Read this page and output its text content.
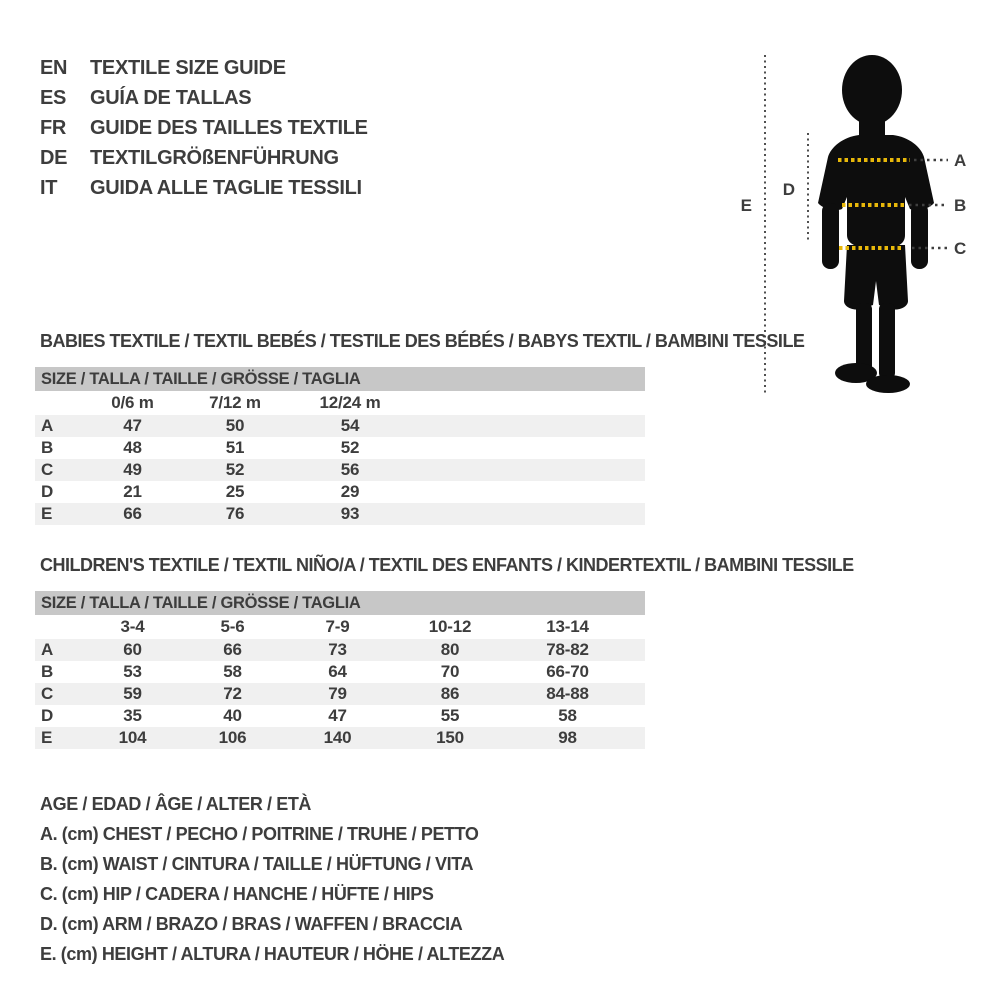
EN TEXTILE SIZE GUIDE
ES GUÍA DE TALLAS
FR GUIDE DES TAILLES TEXTILE
DE TEXTILGRÖßENFÜHRUNG
IT GUIDA ALLE TAGLIE TESSILI
A
B
C
D
E
BABIES TEXTILE / TEXTIL BEBÉS / TESTILE DES BÉBÉS / BABYS TEXTIL / BAMBINI TESSILE
SIZE / TALLA / TAILLE / GRÖSSE / TAGLIA
0/6 m	7/12 m	12/24 m
A	47	50	54
B	48	51	52
C	49	52	56
D	21	25	29
E	66	76	93
CHILDREN'S TEXTILE / TEXTIL NIÑO/A / TEXTIL DES ENFANTS / KINDERTEXTIL / BAMBINI TESSILE
SIZE / TALLA / TAILLE / GRÖSSE / TAGLIA
3-4	5-6	7-9	10-12	13-14
A	60	66	73	80	78-82
B	53	58	64	70	66-70
C	59	72	79	86	84-88
D	35	40	47	55	58
E	104	106	140	150	98
AGE / EDAD / ÂGE / ALTER / ETÀ
A. (cm) CHEST / PECHO / POITRINE / TRUHE / PETTO
B. (cm) WAIST / CINTURA / TAILLE / HÜFTUNG / VITA
C. (cm) HIP / CADERA / HANCHE / HÜFTE / HIPS
D. (cm) ARM / BRAZO / BRAS / WAFFEN / BRACCIA
E. (cm) HEIGHT / ALTURA / HAUTEUR / HÖHE / ALTEZZA
